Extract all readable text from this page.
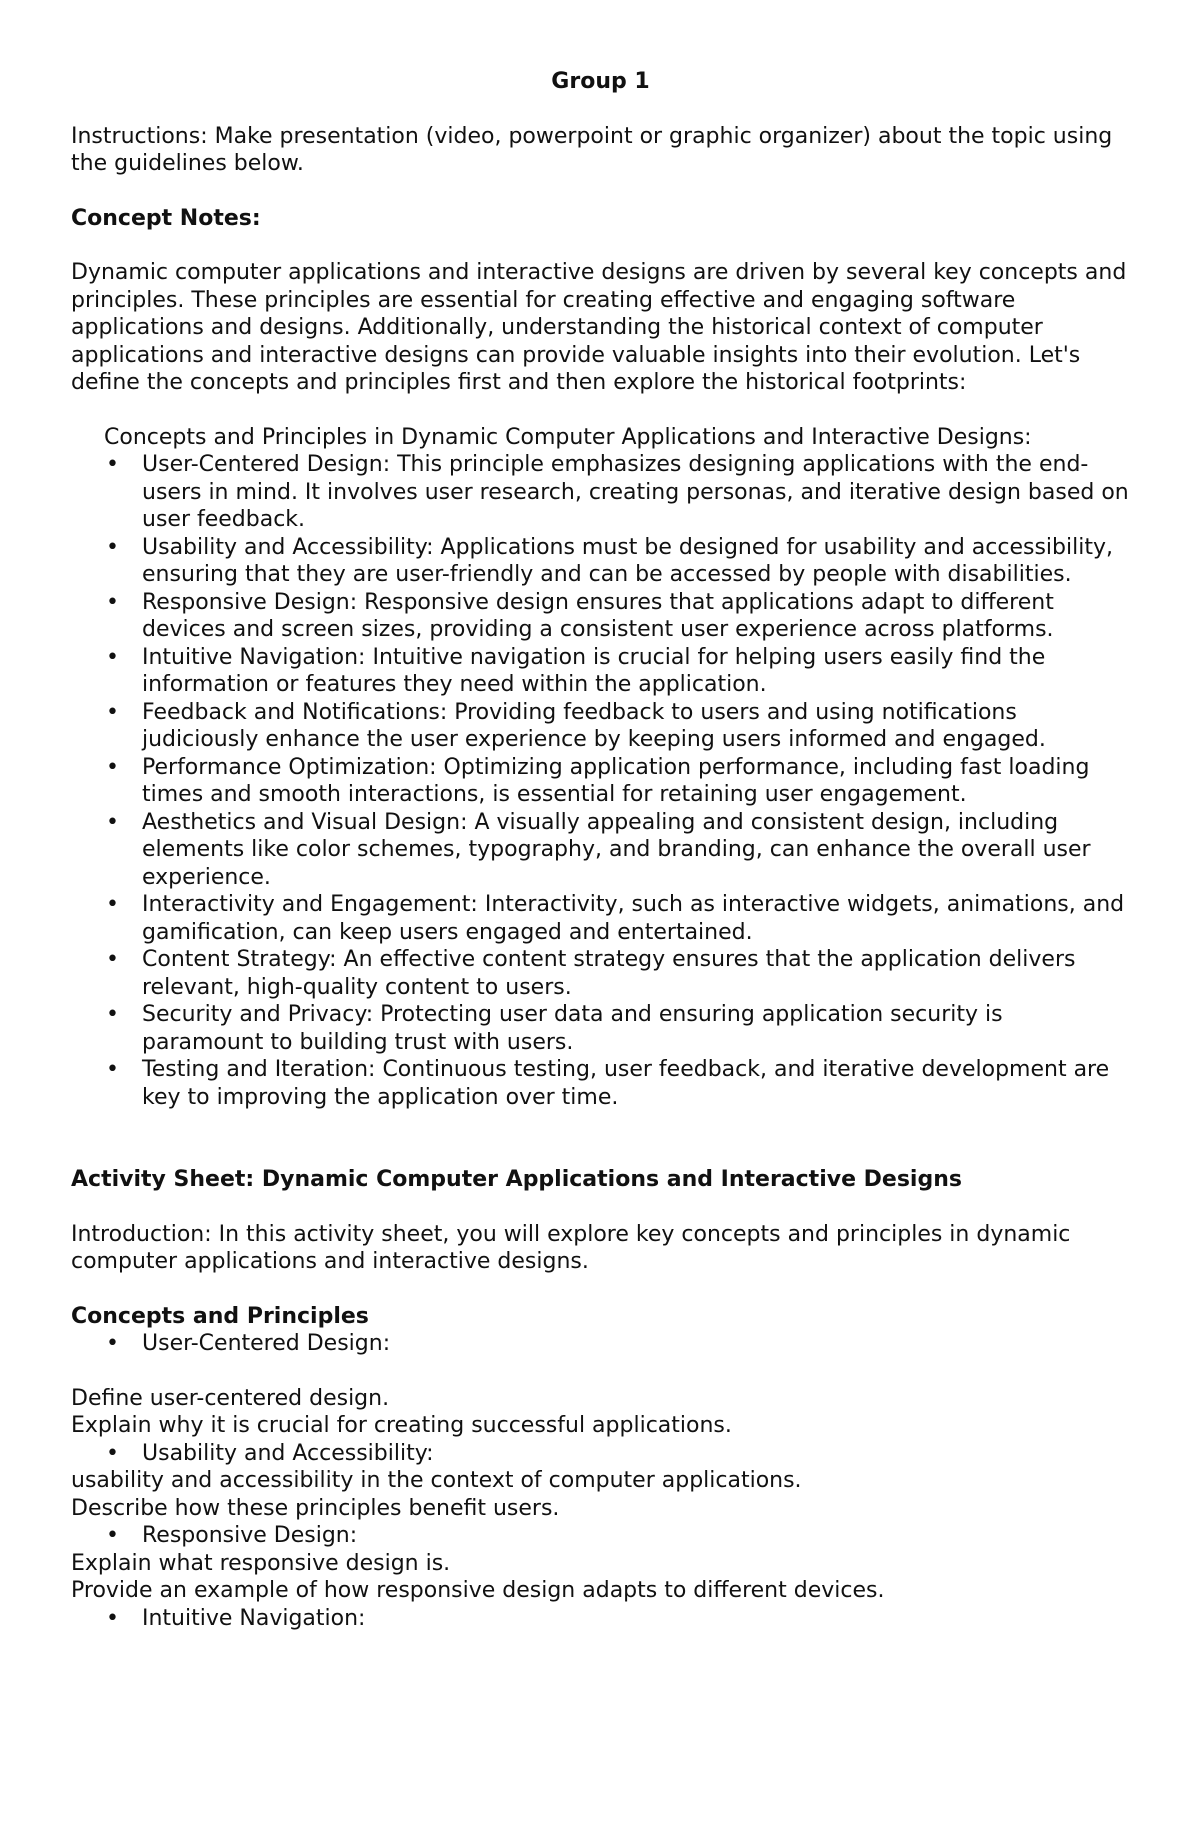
Group 1

Instructions: Make presentation (video, powerpoint or graphic organizer) about the topic using the guidelines below.

Concept Notes:

Dynamic computer applications and interactive designs are driven by several key concepts and principles. These principles are essential for creating effective and engaging software applications and designs. Additionally, understanding the historical context of computer applications and interactive designs can provide valuable insights into their evolution. Let's define the concepts and principles first and then explore the historical footprints:

Concepts and Principles in Dynamic Computer Applications and Interactive Designs:

• User-Centered Design: This principle emphasizes designing applications with the end-users in mind. It involves user research, creating personas, and iterative design based on user feedback.
• Usability and Accessibility: Applications must be designed for usability and accessibility, ensuring that they are user-friendly and can be accessed by people with disabilities.
• Responsive Design: Responsive design ensures that applications adapt to different devices and screen sizes, providing a consistent user experience across platforms.
• Intuitive Navigation: Intuitive navigation is crucial for helping users easily find the information or features they need within the application.
• Feedback and Notifications: Providing feedback to users and using notifications judiciously enhance the user experience by keeping users informed and engaged.
• Performance Optimization: Optimizing application performance, including fast loading times and smooth interactions, is essential for retaining user engagement.
• Aesthetics and Visual Design: A visually appealing and consistent design, including elements like color schemes, typography, and branding, can enhance the overall user experience.
• Interactivity and Engagement: Interactivity, such as interactive widgets, animations, and gamification, can keep users engaged and entertained.
• Content Strategy: An effective content strategy ensures that the application delivers relevant, high-quality content to users.
• Security and Privacy: Protecting user data and ensuring application security is paramount to building trust with users.
• Testing and Iteration: Continuous testing, user feedback, and iterative development are key to improving the application over time.

Activity Sheet: Dynamic Computer Applications and Interactive Designs

Introduction: In this activity sheet, you will explore key concepts and principles in dynamic computer applications and interactive designs.

Concepts and Principles

• User-Centered Design:

Define user-centered design.

Explain why it is crucial for creating successful applications.

• Usability and Accessibility:

usability and accessibility in the context of computer applications.

Describe how these principles benefit users.

• Responsive Design:

Explain what responsive design is.

Provide an example of how responsive design adapts to different devices.

• Intuitive Navigation:
